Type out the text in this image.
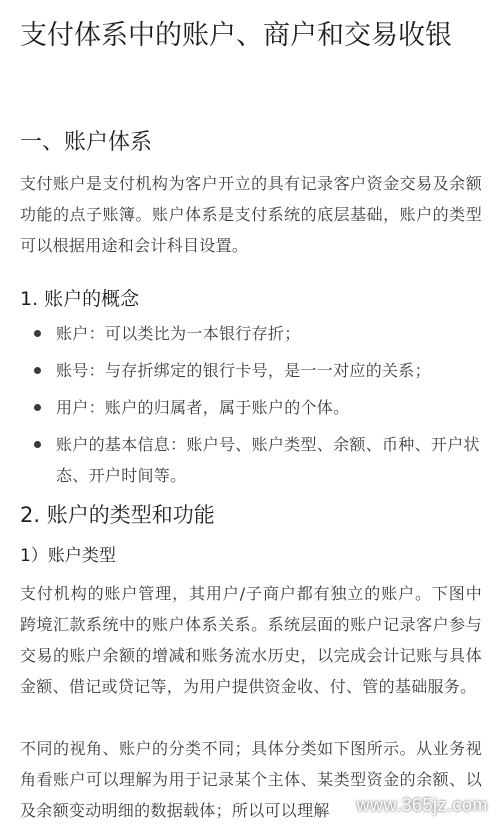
支付体系中的账户、商户和交易收银
一、账户体系

支付账户是支付机构为客户开立的具有记录客户资金交易及余额功能的点子账簿。账户体系是支付系统的底层基础，账户的类型可以根据用途和会计科目设置。

1. 账户的概念
账户：可以类比为一本银行存折；
账号：与存折绑定的银行卡号，是一一对应的关系；
用户：账户的归属者，属于账户的个体。
账户的基本信息：账户号、账户类型、余额、币种、开户状态、开户时间等。
2. 账户的类型和功能
1）账户类型

支付机构的账户管理，其用户/子商户都有独立的账户。下图中跨境汇款系统中的账户体系关系。系统层面的账户记录客户参与交易的账户余额的增减和账务流水历史，以完成会计记账与具体金额、借记或贷记等，为用户提供资金收、付、管的基础服务。

不同的视角、账户的分类不同；具体分类如下图所示。从业务视角看账户可以理解为用于记录某个主体、某类型资金的余额、以及余额变动明细的数据载体；所以可以理解	www.365jz.com
